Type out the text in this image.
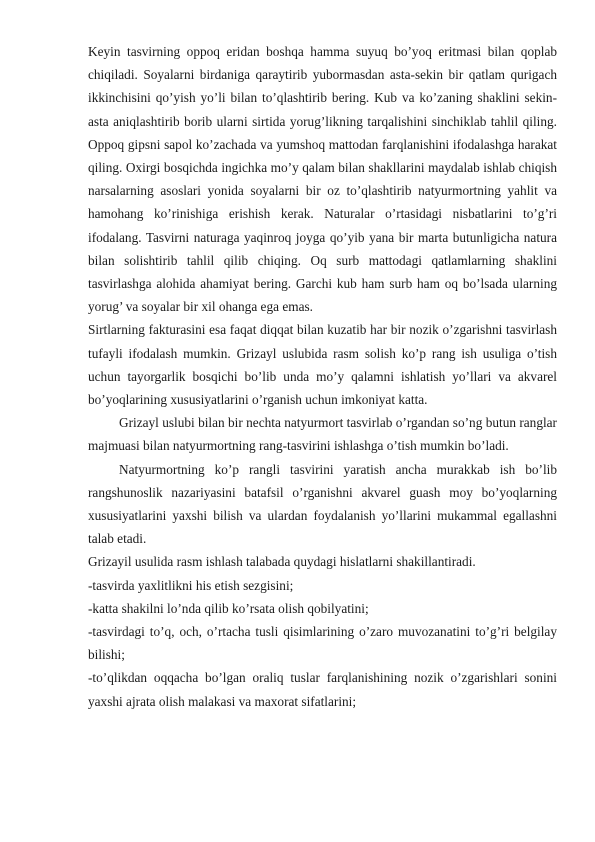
Keyin tasvirning oppoq eridan boshqa hamma suyuq bo’yoq eritmasi bilan qoplab chiqiladi. Soyalarni birdaniga qaraytirib yubormasdan asta-sekin bir qatlam qurigach ikkinchisini qo’yish yo’li bilan to’qlashtirib bering. Kub va ko’zaning shaklini sekin-asta aniqlashtirib borib ularni sirtida yorug’likning tarqalishini sinchiklab tahlil qiling. Oppoq gipsni sapol ko’zachada va yumshoq mattodan farqlanishini ifodalashga harakat qiling. Oxirgi bosqichda ingichka mo’y qalam bilan shakllarini maydalab ishlab chiqish narsalarning asoslari yonida soyalarni bir oz to’qlashtirib natyurmortning yahlit va hamohang ko’rinishiga erishish kerak. Naturalar o’rtasidagi nisbatlarini to’g’ri ifodalang. Tasvirni naturaga yaqinroq joyga qo’yib yana bir marta butunligicha natura bilan solishtirib tahlil qilib chiqing. Oq surb mattodagi qatlamlarning shaklini tasvirlashga alohida ahamiyat bering. Garchi kub ham surb ham oq bo’lsada ularning yorug’ va soyalar bir xil ohanga ega emas.

Sirtlarning fakturasini esa faqat diqqat bilan kuzatib har bir nozik o’zgarishni tasvirlash tufayli ifodalash mumkin. Grizayl uslubida rasm solish ko’p rang ish usuliga o’tish uchun tayorgarlik bosqichi bo’lib unda mo’y qalamni ishlatish yo’llari va akvarel bo’yoqlarining xususiyatlarini o’rganish uchun imkoniyat katta.

Grizayl uslubi bilan bir nechta natyurmort tasvirlab o’rgandan so’ng butun ranglar majmuasi bilan natyurmortning rang-tasvirini ishlashga o’tish mumkin bo’ladi.

Natyurmortning ko’p rangli tasvirini yaratish ancha murakkab ish bo’lib rangshunoslik nazariyasini batafsil o’rganishni akvarel guash moy bo’yoqlarning xususiyatlarini yaxshi bilish va ulardan foydalanish yo’llarini mukammal egallashni talab etadi.

Grizayil usulida rasm ishlash talabada quydagi hislatlarni shakillantiradi.

-tasvirda yaxlitlikni his etish sezgisini;

-katta shakilni lo’nda qilib ko’rsata olish qobilyatini;

-tasvirdagi to’q, och, o’rtacha tusli qisimlarining o’zaro muvozanatini to’g’ri belgilay bilishi;

-to’qlikdan oqqacha bo’lgan oraliq tuslar farqlanishining nozik o’zgarishlari sonini yaxshi ajrata olish malakasi va maxorat sifatlarini;
